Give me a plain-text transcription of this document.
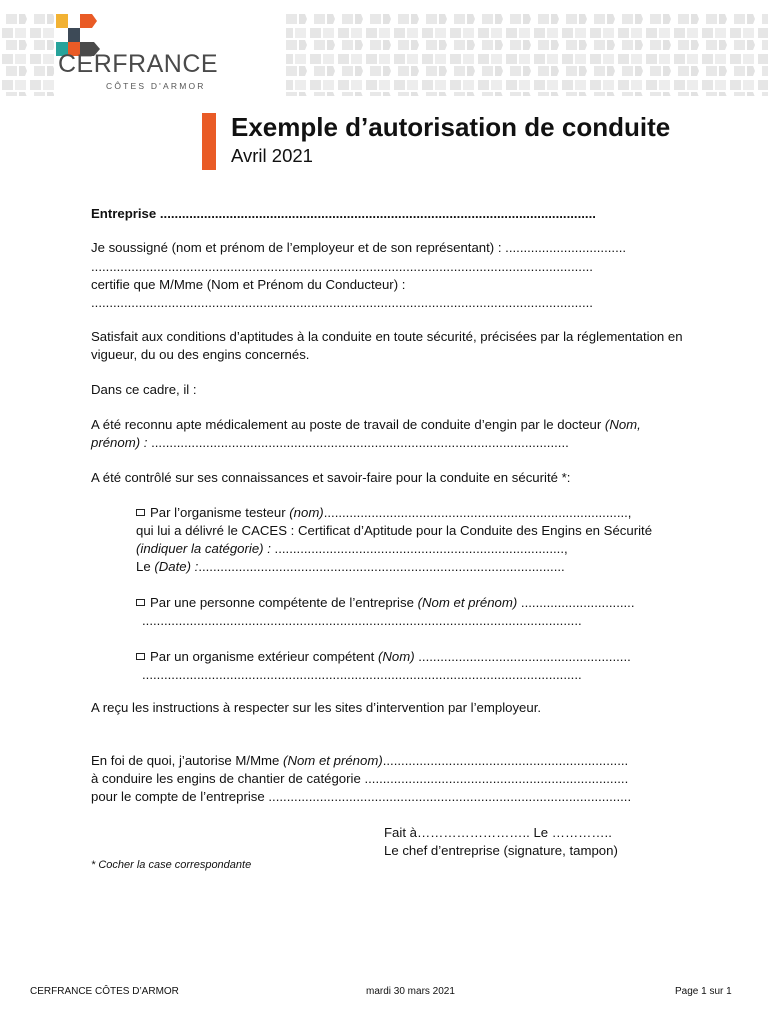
CERFRANCE
CÔTES D'ARMOR
Exemple d’autorisation de conduite
Avril 2021
Entreprise .......................................................................................................................
Je soussigné (nom et prénom de l’employeur et de son représentant) : .................................
.........................................................................................................................................
certifie que M/Mme (Nom et Prénom du Conducteur) :
.........................................................................................................................................
Satisfait aux conditions d’aptitudes à la conduite en toute sécurité, précisées par la réglementation en
vigueur, du ou des engins concernés.
Dans ce cadre, il :
A été reconnu apte médicalement au poste de travail de conduite d’engin par le docteur (Nom,
prénom) : ..................................................................................................................
A été contrôlé sur ses connaissances et savoir-faire pour la conduite en sécurité *:
Par l’organisme testeur (nom)...................................................................................,
qui lui a délivré le CACES : Certificat d’Aptitude pour la Conduite des Engins en Sécurité
(indiquer la catégorie) : ...............................................................................,
Le (Date) :....................................................................................................
Par une personne compétente de l’entreprise (Nom et prénom) ...............................
........................................................................................................................
Par un organisme extérieur compétent (Nom) ..........................................................
........................................................................................................................
A reçu les instructions à respecter sur les sites d’intervention par l’employeur.
En foi de quoi, j’autorise M/Mme (Nom et prénom)...................................................................
à conduire les engins de chantier de catégorie ........................................................................
pour le compte de l’entreprise ...................................................................................................
Fait à…………………….. Le …………..
Le chef d’entreprise (signature, tampon)
* Cocher la case correspondante
CERFRANCE CÔTES D’ARMOR	mardi 30 mars 2021	Page 1 sur 1
